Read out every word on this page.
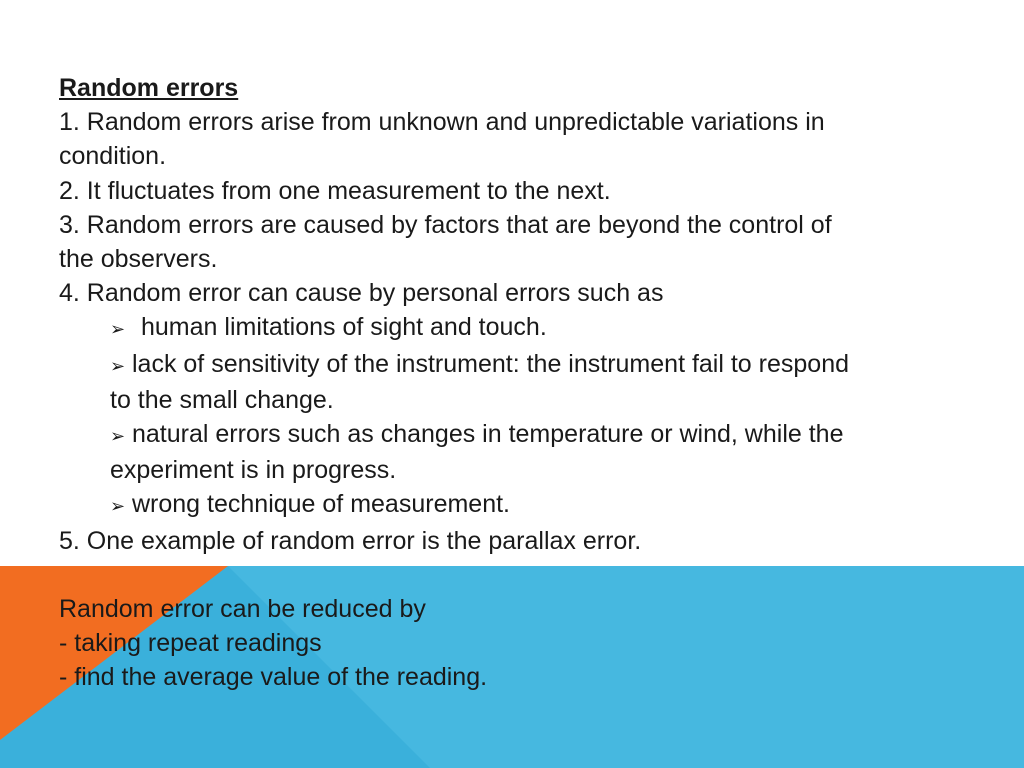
Random errors
1. Random errors arise from unknown and unpredictable variations in
condition.
2. It fluctuates from one measurement to the next.
3. Random errors are caused by factors that are beyond the control of
the observers.
4. Random error can cause by personal errors such as
➢ human limitations of sight and touch.
➢ lack of sensitivity of the instrument: the instrument fail to respond
to the small change.
➢ natural errors such as changes in temperature or wind, while the
experiment is in progress.
➢ wrong technique of measurement.
5. One example of random error is the parallax error.
Random error can be reduced by
- taking repeat readings
- find the average value of the reading.
